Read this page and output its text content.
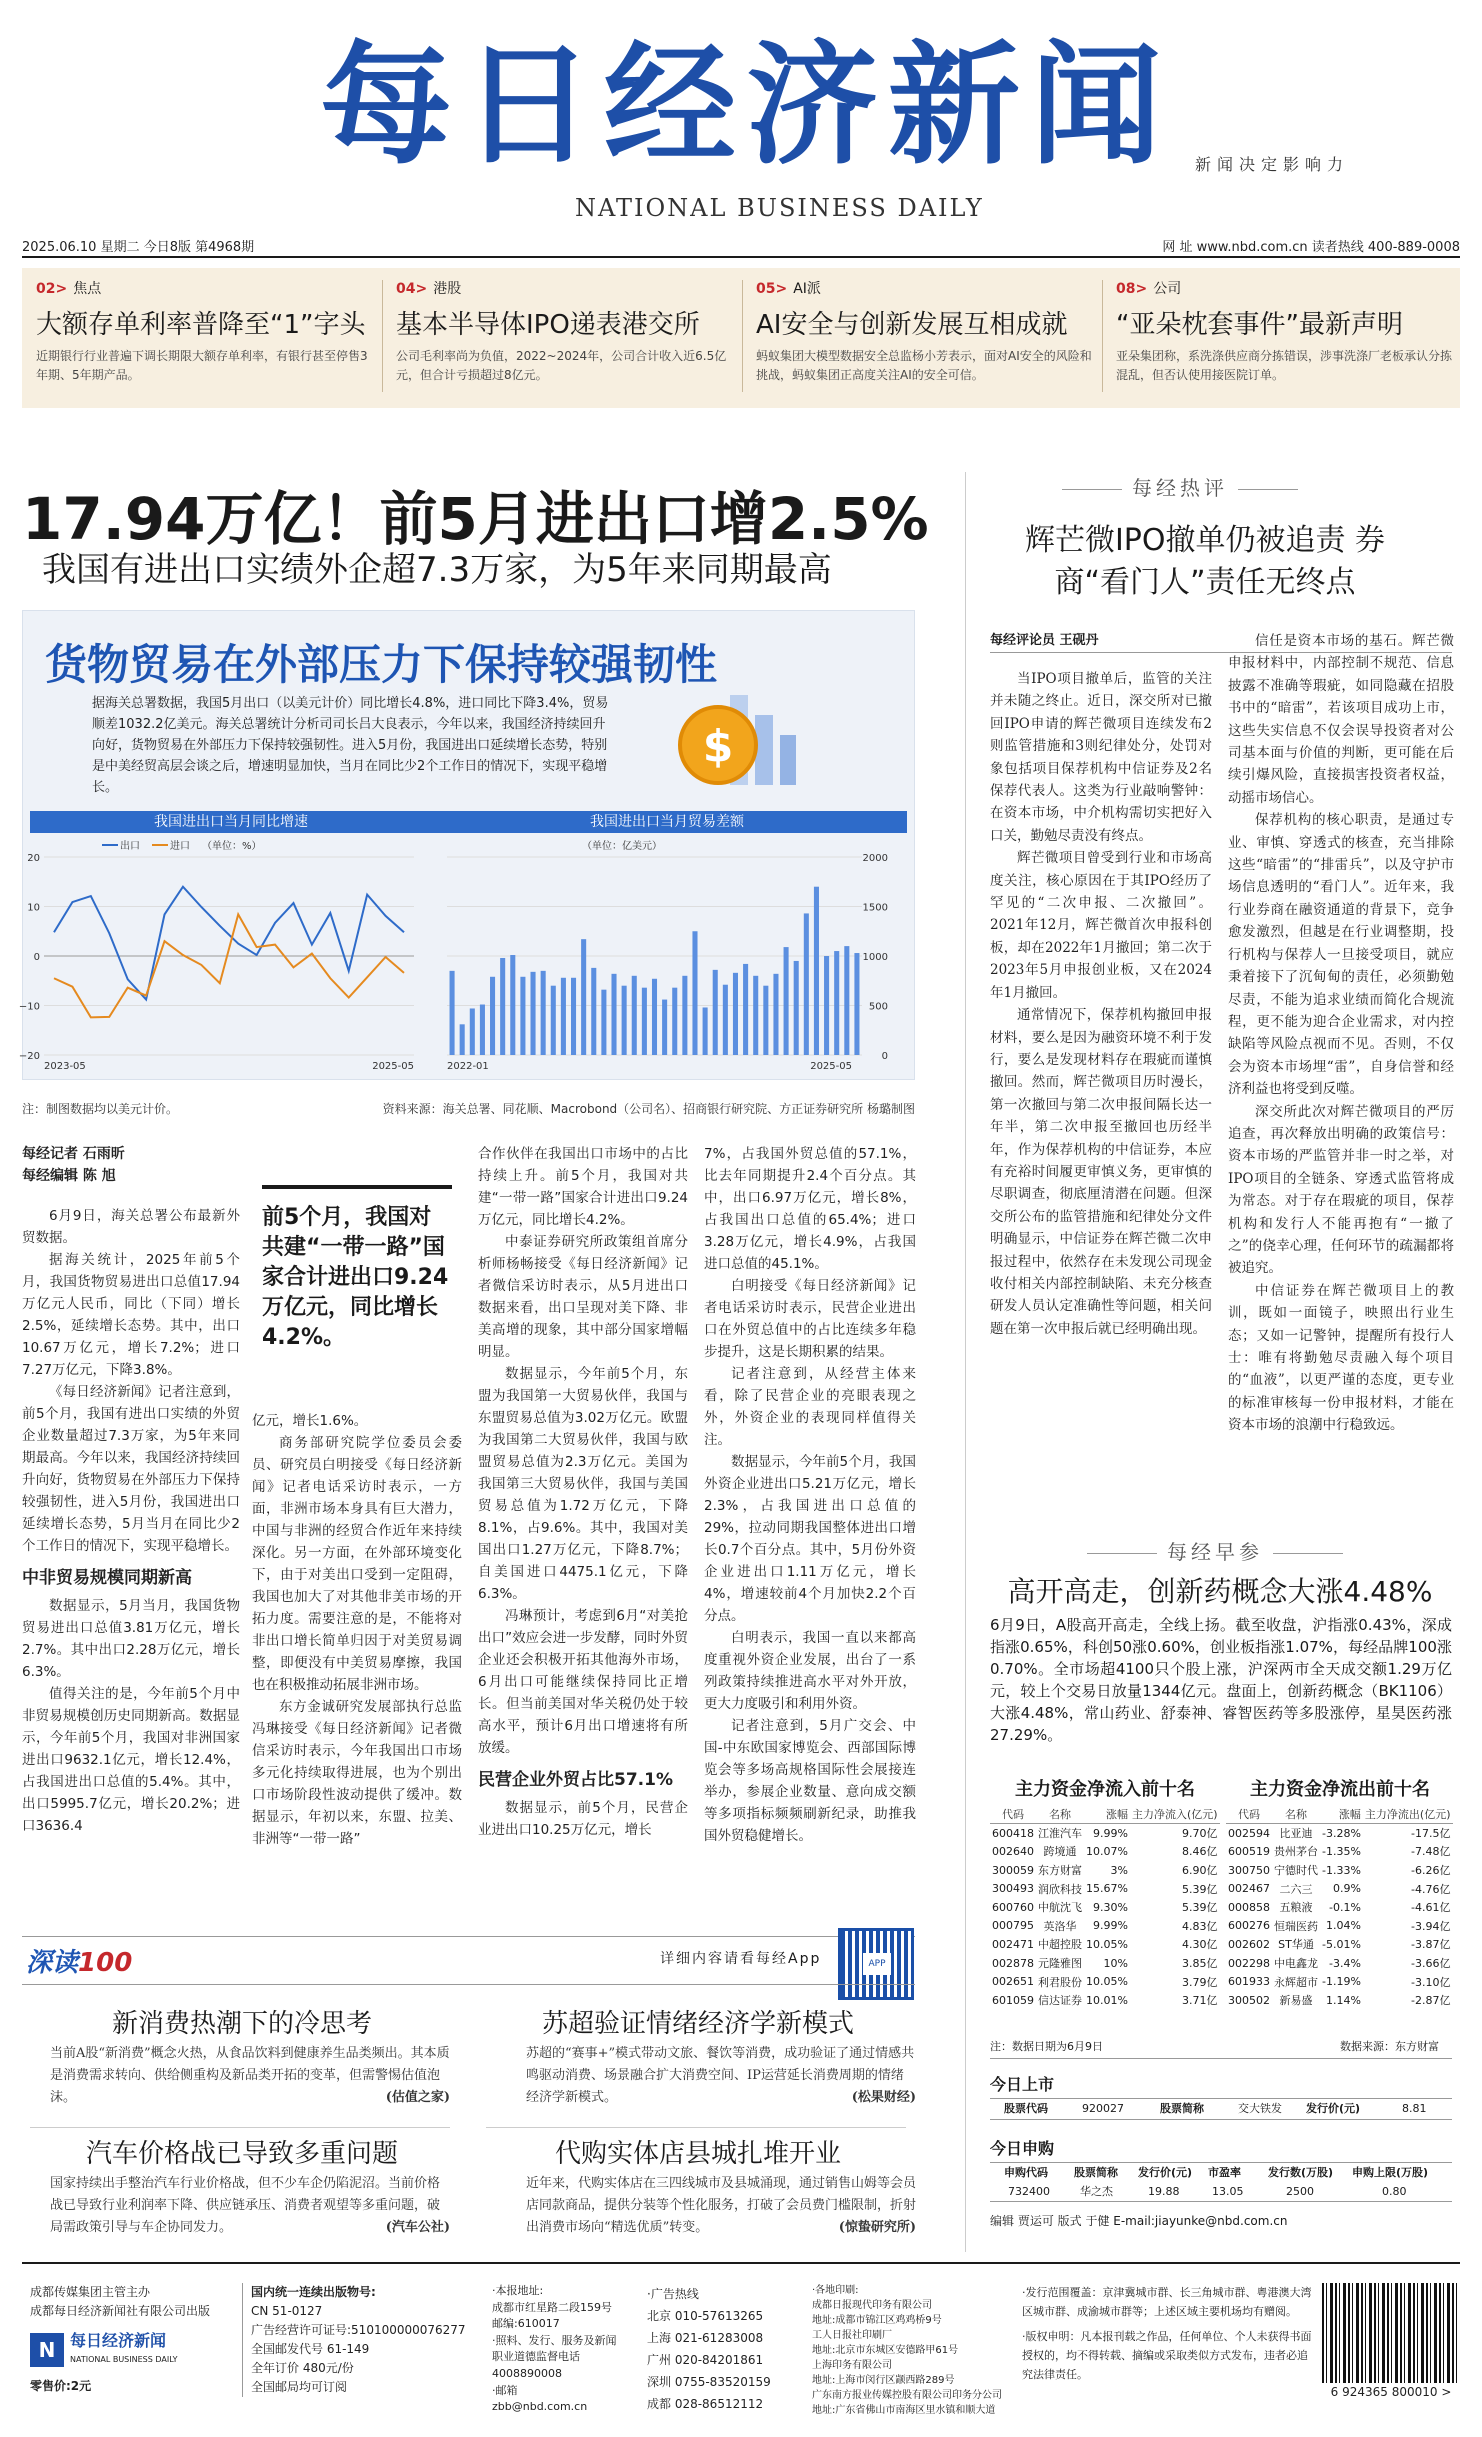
每日经济新闻
NATIONAL BUSINESS DAILY
新闻决定影响力
2025.06.10 星期二 今日8版 第4968期	网 址 www.nbd.com.cn 读者热线 400-889-0008
02> 焦点
大额存单利率普降至“1”字头
近期银行行业普遍下调长期限大额存单利率，有银行甚至停售3年期、5年期产品。
04> 港股
基本半导体IPO递表港交所
公司毛利率尚为负值，2022~2024年，公司合计收入近6.5亿元，但合计亏损超过8亿元。
05> AI派
AI安全与创新发展互相成就
蚂蚁集团大模型数据安全总监杨小芳表示，面对AI安全的风险和挑战，蚂蚁集团正高度关注AI的安全可信。
08> 公司
“亚朵枕套事件”最新声明
亚朵集团称，系洗涤供应商分拣错误，涉事洗涤厂老板承认分拣混乱，但否认使用接医院订单。
17.94万亿！前5月进出口增2.5%
我国有进出口实绩外企超7.3万家，为5年来同期最高
货物贸易在外部压力下保持较强韧性
据海关总署数据，我国5月出口（以美元计价）同比增长4.8%，进口同比下降3.4%，贸易顺差1032.2亿美元。海关总署统计分析司司长吕大良表示，今年以来，我国经济持续回升向好，货物贸易在外部压力下保持较强韧性。进入5月份，我国进出口延续增长态势，特别是中美经贸高层会谈之后，增速明显加快，当月在同比少2个工作日的情况下，实现平稳增长。
$
我国进出口当月同比增速	我国进出口当月贸易差额
20
10
0
−10
−20
2023-05	2025-05
（单位：%）
出口	进口
2000
1500
1000
500
0
（单位：亿美元）
2022-01	2025-05
注：制图数据均以美元计价。	资料来源：海关总署、同花顺、Macrobond（公司名）、招商银行研究院、方正证券研究所 杨璐制图
每经记者 石雨昕
每经编辑 陈 旭

6月9日，海关总署公布最新外贸数据。

据海关统计，2025年前5个月，我国货物贸易进出口总值17.94万亿元人民币，同比（下同）增长2.5%，延续增长态势。其中，出口10.67万亿元，增长7.2%；进口7.27万亿元，下降3.8%。

《每日经济新闻》记者注意到，前5个月，我国有进出口实绩的外贸企业数量超过7.3万家，为5年来同期最高。今年以来，我国经济持续回升向好，货物贸易在外部压力下保持较强韧性，进入5月份，我国进出口延续增长态势，5月当月在同比少2个工作日的情况下，实现平稳增长。

中非贸易规模同期新高

数据显示，5月当月，我国货物贸易进出口总值3.81万亿元，增长2.7%。其中出口2.28万亿元，增长6.3%。

值得关注的是，今年前5个月中非贸易规模创历史同期新高。数据显示，今年前5个月，我国对非洲国家进出口9632.1亿元，增长12.4%，占我国进出口总值的5.4%。其中，出口5995.7亿元，增长20.2%；进口3636.4

前5个月，我国对共建“一带一路”国家合计进出口9.24万亿元，同比增长4.2%。

亿元，增长1.6%。

商务部研究院学位委员会委员、研究员白明接受《每日经济新闻》记者电话采访时表示，一方面，非洲市场本身具有巨大潜力，中国与非洲的经贸合作近年来持续深化。另一方面，在外部环境变化下，由于对美出口受到一定阻碍，我国也加大了对其他非美市场的开拓力度。需要注意的是，不能将对非出口增长简单归因于对美贸易调整，即便没有中美贸易摩擦，我国也在积极推动拓展非洲市场。

东方金诚研究发展部执行总监冯琳接受《每日经济新闻》记者微信采访时表示，今年我国出口市场多元化持续取得进展，也为个别出口市场阶段性波动提供了缓冲。数据显示，年初以来，东盟、拉美、非洲等“一带一路”

合作伙伴在我国出口市场中的占比持续上升。前5个月，我国对共建“一带一路”国家合计进出口9.24万亿元，同比增长4.2%。

中泰证券研究所政策组首席分析师杨畅接受《每日经济新闻》记者微信采访时表示，从5月进出口数据来看，出口呈现对美下降、非美高增的现象，其中部分国家增幅明显。

数据显示，今年前5个月，东盟为我国第一大贸易伙伴，我国与东盟贸易总值为3.02万亿元。欧盟为我国第二大贸易伙伴，我国与欧盟贸易总值为2.3万亿元。美国为我国第三大贸易伙伴，我国与美国贸易总值为1.72万亿元，下降8.1%，占9.6%。其中，我国对美国出口1.27万亿元，下降8.7%；自美国进口4475.1亿元，下降6.3%。

冯琳预计，考虑到6月“对美抢出口”效应会进一步发酵，同时外贸企业还会积极开拓其他海外市场，6月出口可能继续保持同比正增长。但当前美国对华关税仍处于较高水平，预计6月出口增速将有所放缓。

民营企业外贸占比57.1%

数据显示，前5个月，民营企业进出口10.25万亿元，增长

7%，占我国外贸总值的57.1%，比去年同期提升2.4个百分点。其中，出口6.97万亿元，增长8%，占我国出口总值的65.4%；进口3.28万亿元，增长4.9%，占我国进口总值的45.1%。

白明接受《每日经济新闻》记者电话采访时表示，民营企业进出口在外贸总值中的占比连续多年稳步提升，这是长期积累的结果。

记者注意到，从经营主体来看，除了民营企业的亮眼表现之外，外资企业的表现同样值得关注。

数据显示，今年前5个月，我国外资企业进出口5.21万亿元，增长2.3%，占我国进出口总值的29%，拉动同期我国整体进出口增长0.7个百分点。其中，5月份外资企业进出口1.11万亿元，增长4%，增速较前4个月加快2.2个百分点。

白明表示，我国一直以来都高度重视外资企业发展，出台了一系列政策持续推进高水平对外开放，更大力度吸引和利用外资。

记者注意到，5月广交会、中国-中东欧国家博览会、西部国际博览会等多场高规格国际性会展接连举办，参展企业数量、意向成交额等多项指标频频刷新纪录，助推我国外贸稳健增长。

深读100	详细内容请看每经App	APP
新消费热潮下的冷思考
当前A股“新消费”概念火热，从食品饮料到健康养生品类频出。其本质是消费需求转向、供给侧重构及新品类开拓的变革，但需警惕估值泡沫。	(估值之家)
苏超验证情绪经济学新模式
苏超的“赛事+”模式带动文旅、餐饮等消费，成功验证了通过情感共鸣驱动消费、场景融合扩大消费空间、IP运营延长消费周期的情绪经济学新模式。	(松果财经)
汽车价格战已导致多重问题
国家持续出手整治汽车行业价格战，但不少车企仍陷泥沼。当前价格战已导致行业利润率下降、供应链承压、消费者观望等多重问题，破局需政策引导与车企协同发力。	(汽车公社)
代购实体店县城扎堆开业
近年来，代购实体店在三四线城市及县城涌现，通过销售山姆等会员店同款商品，提供分装等个性化服务，打破了会员费门槛限制，折射出消费市场向“精选优质”转变。	(惊蛰研究所)
每经热评
辉芒微IPO撤单仍被追责 券商“看门人”责任无终点
每经评论员 王砚丹

当IPO项目撤单后，监管的关注并未随之终止。近日，深交所对已撤回IPO申请的辉芒微项目连续发布2则监管措施和3则纪律处分，处罚对象包括项目保荐机构中信证券及2名保荐代表人。这类为行业敲响警钟：在资本市场，中介机构需切实把好入口关，勤勉尽责没有终点。

辉芒微项目曾受到行业和市场高度关注，核心原因在于其IPO经历了罕见的“二次申报、二次撤回”。2021年12月，辉芒微首次申报科创板，却在2022年1月撤回；第二次于2023年5月申报创业板，又在2024年1月撤回。

通常情况下，保荐机构撤回申报材料，要么是因为融资环境不利于发行，要么是发现材料存在瑕疵而谨慎撤回。然而，辉芒微项目历时漫长，第一次撤回与第二次申报间隔长达一年半，第二次申报至撤回也历经半年，作为保荐机构的中信证券，本应有充裕时间履更审慎义务，更审慎的尽职调查，彻底厘清潜在问题。但深交所公布的监管措施和纪律处分文件明确显示，中信证券在辉芒微二次申报过程中，依然存在未发现公司现金收付相关内部控制缺陷、未充分核查研发人员认定准确性等问题，相关问题在第一次申报后就已经明确出现。

信任是资本市场的基石。辉芒微申报材料中，内部控制不规范、信息披露不准确等瑕疵，如同隐藏在招股书中的“暗雷”，若该项目成功上市，这些失实信息不仅会误导投资者对公司基本面与价值的判断，更可能在后续引爆风险，直接损害投资者权益，动摇市场信心。

保荐机构的核心职责，是通过专业、审慎、穿透式的核查，充当排除这些“暗雷”的“排雷兵”，以及守护市场信息透明的“看门人”。近年来，我行业券商在融资通道的背景下，竞争愈发激烈，但越是在行业调整期，投行机构与保荐人一旦接受项目，就应秉着接下了沉甸甸的责任，必须勤勉尽责，不能为追求业绩而简化合规流程，更不能为迎合企业需求，对内控缺陷等风险点视而不见。否则，不仅会为资本市场埋“雷”，自身信誉和经济利益也将受到反噬。

深交所此次对辉芒微项目的严厉追查，再次释放出明确的政策信号：资本市场的严监管并非一时之举，对IPO项目的全链条、穿透式监管将成为常态。对于存在瑕疵的项目，保荐机构和发行人不能再抱有“一撤了之”的侥幸心理，任何环节的疏漏都将被追究。

中信证券在辉芒微项目上的教训，既如一面镜子，映照出行业生态；又如一记警钟，提醒所有投行人士：唯有将勤勉尽责融入每个项目的“血液”，以更严谨的态度，更专业的标准审核每一份申报材料，才能在资本市场的浪潮中行稳致远。

每经早参
高开高走，创新药概念大涨4.48%
6月9日，A股高开高走，全线上扬。截至收盘，沪指涨0.43%，深成指涨0.65%，科创50涨0.60%，创业板指涨1.07%，每经品牌100涨0.70%。全市场超4100只个股上涨，沪深两市全天成交额1.29万亿元，较上个交易日放量1344亿元。盘面上，创新药概念（BK1106）大涨4.48%，常山药业、舒泰神、睿智医药等多股涨停，星昊医药涨27.29%。
主力资金净流入前十名	主力资金净流出前十名
代码	名称	涨幅	主力净流入(亿元)
600418	江淮汽车	9.99%	9.70亿
002640	跨境通	10.07%	8.46亿
300059	东方财富	3%	6.90亿
300493	润欣科技	15.67%	5.39亿
600760	中航沈飞	9.30%	5.39亿
000795	英洛华	9.99%	4.83亿
002471	中超控股	10.05%	4.30亿
002878	元隆雅图	10%	3.85亿
002651	利君股份	10.05%	3.79亿
601059	信达证券	10.01%	3.71亿
代码	名称	涨幅	主力净流出(亿元)
002594	比亚迪	-3.28%	-17.5亿
600519	贵州茅台	-1.35%	-7.48亿
300750	宁德时代	-1.33%	-6.26亿
002467	二六三	0.9%	-4.76亿
000858	五粮液	-0.1%	-4.61亿
600276	恒瑞医药	1.04%	-3.94亿
002602	ST华通	-5.01%	-3.87亿
002298	中电鑫龙	-3.4%	-3.66亿
601933	永辉超市	-1.19%	-3.10亿
300502	新易盛	1.14%	-2.87亿
注：数据日期为6月9日	数据来源：东方财富
今日上市
股票代码	920027	股票简称	交大铁发 发行价(元)	8.81
今日申购
申购代码 股票简称 发行价(元) 市盈率 发行数(万股) 申购上限(万股)
732400	华之杰	19.88	13.05	2500	0.80
编辑 贾运可 版式 于健 E-mail:jiayunke@nbd.com.cn
成都传媒集团主管主办
成都每日经济新闻社有限公司出版
N 每日经济新闻
NATIONAL BUSINESS DAILY
零售价:2元
国内统一连续出版物号:
CN 51-0127
广告经营许可证号:510100000076277
全国邮发代号 61-149
全年订价 480元/份
全国邮局均可订阅
·本报地址:
成都市红星路二段159号
邮编:610017
·照料、发行、服务及新闻
职业道德监督电话
4008890008
·邮箱
zbb@nbd.com.cn
·广告热线
北京 010-57613265
上海 021-61283008
广州 020-84201861
深圳 0755-83520159
成都 028-86512112
·各地印刷:
成都日报现代印务有限公司
地址:成都市锦江区鸡鸡桥9号
工人日报社印刷厂
地址:北京市东城区安德路甲61号
上海印务有限公司
地址:上海市闵行区颛西路289号
广东南方报业传媒控股有限公司印务分公司
地址:广东省佛山市南海区里水镇和顺大道
·发行范围覆盖：京津冀城市群、长三角城市群、粤港澳大湾区城市群、成渝城市群等；上述区域主要机场均有赠阅。
·版权申明：凡本报刊载之作品，任何单位、个人未获得书面授权的，均不得转载、摘编或采取类似方式发布，违者必追究法律责任。
6 924365 800010 >
